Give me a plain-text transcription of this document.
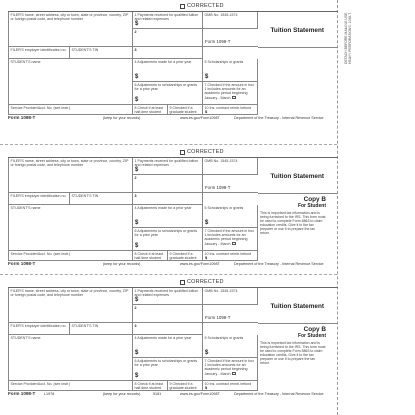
DETACH BEFORE MAILING USE HEAVY PERFORATIONS. 1098-T
CORRECTED
FILER'S name, street address, city or town, state or province, country, ZIP or foreign postal code, and telephone number
1 Payments received for qualified tuition and related expenses
$
OMB No. 1545-1574
2
Form 1098-T
Tuition Statement
FILER'S employer identification no.	STUDENT'S TIN	3
STUDENT'S name	4 Adjustments made for a prior year
$
5 Scholarships or grants
$
6 Adjustments to scholarships or grants for a prior year
$
7 Checked if the amount in box 1 includes amounts for an academic period beginning January - March
Service Provider/Acct. No. (see instr.)	8 Check if at least half-time student
9 Checked if a graduate student
10 Ins. contract reimb./refund
$
Form 1098-T	(keep for your records)	www.irs.gov/Form1098T	Department of the Treasury - Internal Revenue Service
CORRECTED
FILER'S name, street address, city or town, state or province, country, ZIP or foreign postal code, and telephone number
1 Payments received for qualified tuition and related expenses
$
OMB No. 1545-1574
2
Form 1098-T
Tuition Statement
FILER'S employer identification no.	STUDENT'S TIN	3
STUDENT'S name	4 Adjustments made for a prior year
$
5 Scholarships or grants
$
6 Adjustments to scholarships or grants for a prior year
$
7 Checked if the amount in box 1 includes amounts for an academic period beginning January - March
Service Provider/Acct. No. (see instr.)	8 Check if at least half-time student
9 Checked if a graduate student
10 Ins. contract reimb./refund
$
Copy B
For Student
This is important tax information and is being furnished to the IRS. This form must be used to complete Form 8863 to claim education credits. Give it to the tax preparer or use it to prepare the tax return.
Form 1098-T	(keep for your records)	www.irs.gov/Form1098T	Department of the Treasury - Internal Revenue Service
CORRECTED
FILER'S name, street address, city or town, state or province, country, ZIP or foreign postal code, and telephone number
1 Payments received for qualified tuition and related expenses
$
OMB No. 1545-1574
2
Form 1098-T
Tuition Statement
FILER'S employer identification no.	STUDENT'S TIN	3
STUDENT'S name	4 Adjustments made for a prior year
$
5 Scholarships or grants
$
6 Adjustments to scholarships or grants for a prior year
$
7 Checked if the amount in box 1 includes amounts for an academic period beginning January - March
Service Provider/Acct. No. (see instr.)	8 Check if at least half-time student
9 Checked if a graduate student
10 Ins. contract reimb./refund
$
Copy B
For Student
This is important tax information and is being furnished to the IRS. This form must be used to complete Form 8863 to claim education credits. Give it to the tax preparer or use it to prepare the tax return.
Form 1098-T L1978	(keep for your records)	5181	www.irs.gov/Form1098T	Department of the Treasury - Internal Revenue Service
